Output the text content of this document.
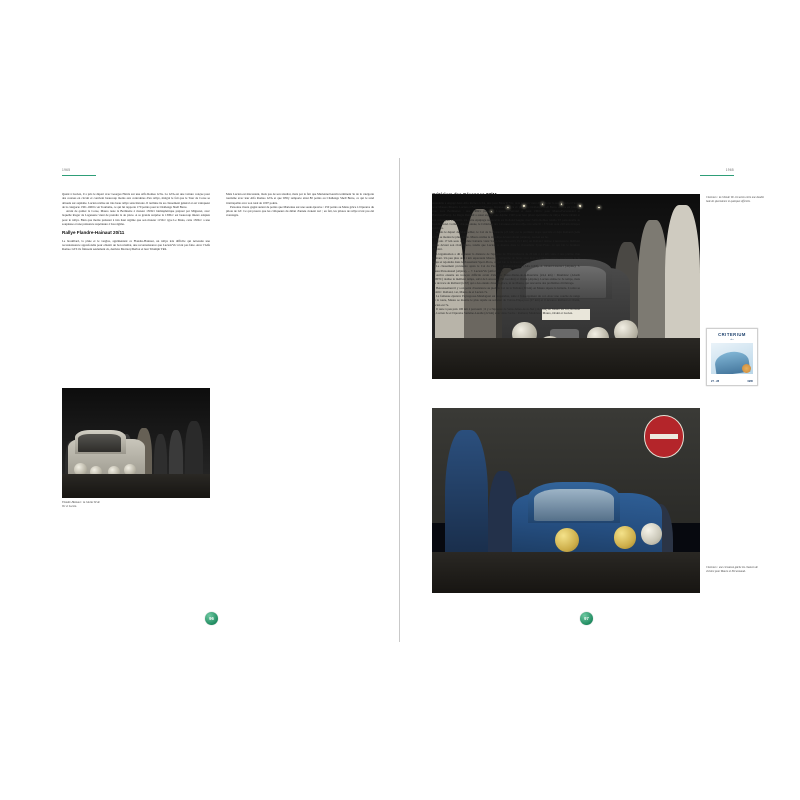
1965

Quant à Lucien, il a pris le départ avec Georges Harris sur une Alfa Romeo GTA. La GTA est une voiture conçue pour des courses en circuit et convient beaucoup moins aux contraintes d'un rallye, malgré le fait que le Tour de Corse se déroule sur asphalte. Lucien réalise un très beau rallye sans histoire. Il termine 6e au classement général et est vainqueur de la catégorie 1301-1600cc en Tourisme, ce qui lui rapporte 170 points pour le Challenge Shell Berre.

Avant de quitter la Corse, Mauro teste la Berlinette à moteur 1300cc hémisphérique préparé par Mignotet, avec laquelle Roger de Lageneste vient de prendre la 4e place. A sa grande surprise la 1300cc est beaucoup mieux adaptée pour le rallye. Bien que moins puissant à très haut régime que son moteur 1150cc type Le Mans, cette 1300cc a une souplesse et une puissance supérieure à bas régime.

Rallye Flandre-Hainaut 20/11

Le brouillard, la pluie et le verglas, agrémentent ce Flandre-Hainaut, un rallye très difficile qui nécessite une reconnaissance approfondie pour obtenir un bon résultat, une reconnaissance que Lucien/Vic n'ont pas faite. Avec l'Alfa Romeo GTZ ils finissent seulement 2e, derrière Mortacq/Derbot et leur Triumph TR4.

Mais Lucien est mécontent, mais pas de son résultat, mais par le fait que Martenne/Gauvin terminent 3e de la catégorie tourisme avec leur Alfa Romeo GTA et que Willy remporte ainsi 80 points au Challenge Shell Berre, ce qui le rend irrattrapable avec son total de 1097 points.

Personne n'aura gagné autant de points que Martenne sur une seule épreuve : 250 points au Mans grâce à l'épreuve du pilote de GT. Ce qui prouve que les critiqueurs du début d'année avaient tort ; en fait, les pilotes de rallye n'ont pas été avantagés.

Flandre-Hainaut : la Giulia TZ de Vic et Lucien.
1965
Cévennes : la GTA de Vic et Lucien entre une double haie de spectateurs et quelques officiels.
CRITERIUM
des
27 - 28	1965
Cévennes : une crevaison gâche les chances de victoire pour Mauro et Personnaud.
Critérium des Cévennes 27/11

Autodelta a engagé deux Alfa Romeo GTA, une pour Bianchi/Vic, dont Lucien vient d'améliorer la suspension et l'autre pour Mauero/Maurin. Lucien et Fernand Masoero disputeront ici la 2e place au Challenge Shell Berre. Alpine est présent avec trois Berlinettes : une 1300cc pour de Lageneste/Ferrand et deux 1300cc pour Mauro/Personnaud et Hanrioud/Peray. La Régie Renault a aussi engagé une Alpine 1300 pour leur pilote spécialiste de rallye Pierre Orsini et son coéquipier Canonici. Un autre équipage redoutable est Rolland/Augias avec l'Alfa Romeo Giulia TZ personnelle de Jean Rolland. Comme chaque année, le Critérium des Cévennes est un rallye très sélectif : 570 km dont 228 km d'étapes spéciales.

Après le départ de Montpellier, le Col de la Bastarde (23 km) est la première étape spéciale et déjà Rolland (Alfa GTZ) se montre le plus rapide. Mauro réalise le 2e temps devant Orsini (Alpine), Lucien est 6e.

Après 17 km sous une pluie battante vient Saint-Jean-du-Gard (13,3 km) où Rolland réalise à nouveau le meilleur temps devant son rival Mauro, tandis que Lucien se montre dans le classement Sport-Proto, ce qui fait le bonheur d'Orsini.

L'organisation a dû ramener la distance de l'épreuve de l'Escrinchoure de 29 km à 11 km, suite à une plainte d'un habitant. Un peu plus de 11 km séparaient Mauro et l'empêche de lutter avec Rolland. Mauro réalise néanmoins le 3e temps et rejoindre dans le classement Sport-Proto, ce qui fait le bonheur d'Orsini.

Le classement provisoire après le Col du Pas : 1. Rolland/Augias (Alfa GTZ), 2. Orsini/Canonici (Alpine), 3. Mauro/Personnaud (Alpine), ... 7. Lucien/Vic (Alfa GTA).

Arrive ensuite un tronçon difficile avant d'aborder Notre-Dame-de-la-Rouvière (24,4 km) : Maublanc (Abarth 1000TC) réalise le meilleur temps, suivi de Larrousse (BR Gordini) et Orsini (Alpine). Lucien réalise le 3e temps, mais pas de trace de Rolland (GTZ) qui a des ennuis d'essuie-glace, ni de Mauro, qui rencontre des problèmes d'éclairage.

Heureusement il y a un point d'assistance au pied du Col de la Trébale (30 km) où Mauro répare la batterie. L'ordre se rétablit : Rolland, 1er, Mauro 4e et Lucien 7e.

La fameuse épreuve Peyregoose-Mandagout est suspendue, suite à l'ensorgement du col. Avec une couche de neige sur la route, Mauro se montre le plus rapide au sommet du Trèves-Elépeyrou (27 km) et il devance Rolland et Orsini, Lucien est 7e.

Il reste à peu près 100 km à parcourir ; il y a l'épreuve de Saint-Julien-de-la-Nef (10,5 km) en Mauro est 1er, Rolland 2e, Lucien 3e et l'épreuve Sumène-Lasalle (22 km) avec dans l'ordre : Rolland, Maublanc, Mauro, Orsini et Lucien.

96	97
